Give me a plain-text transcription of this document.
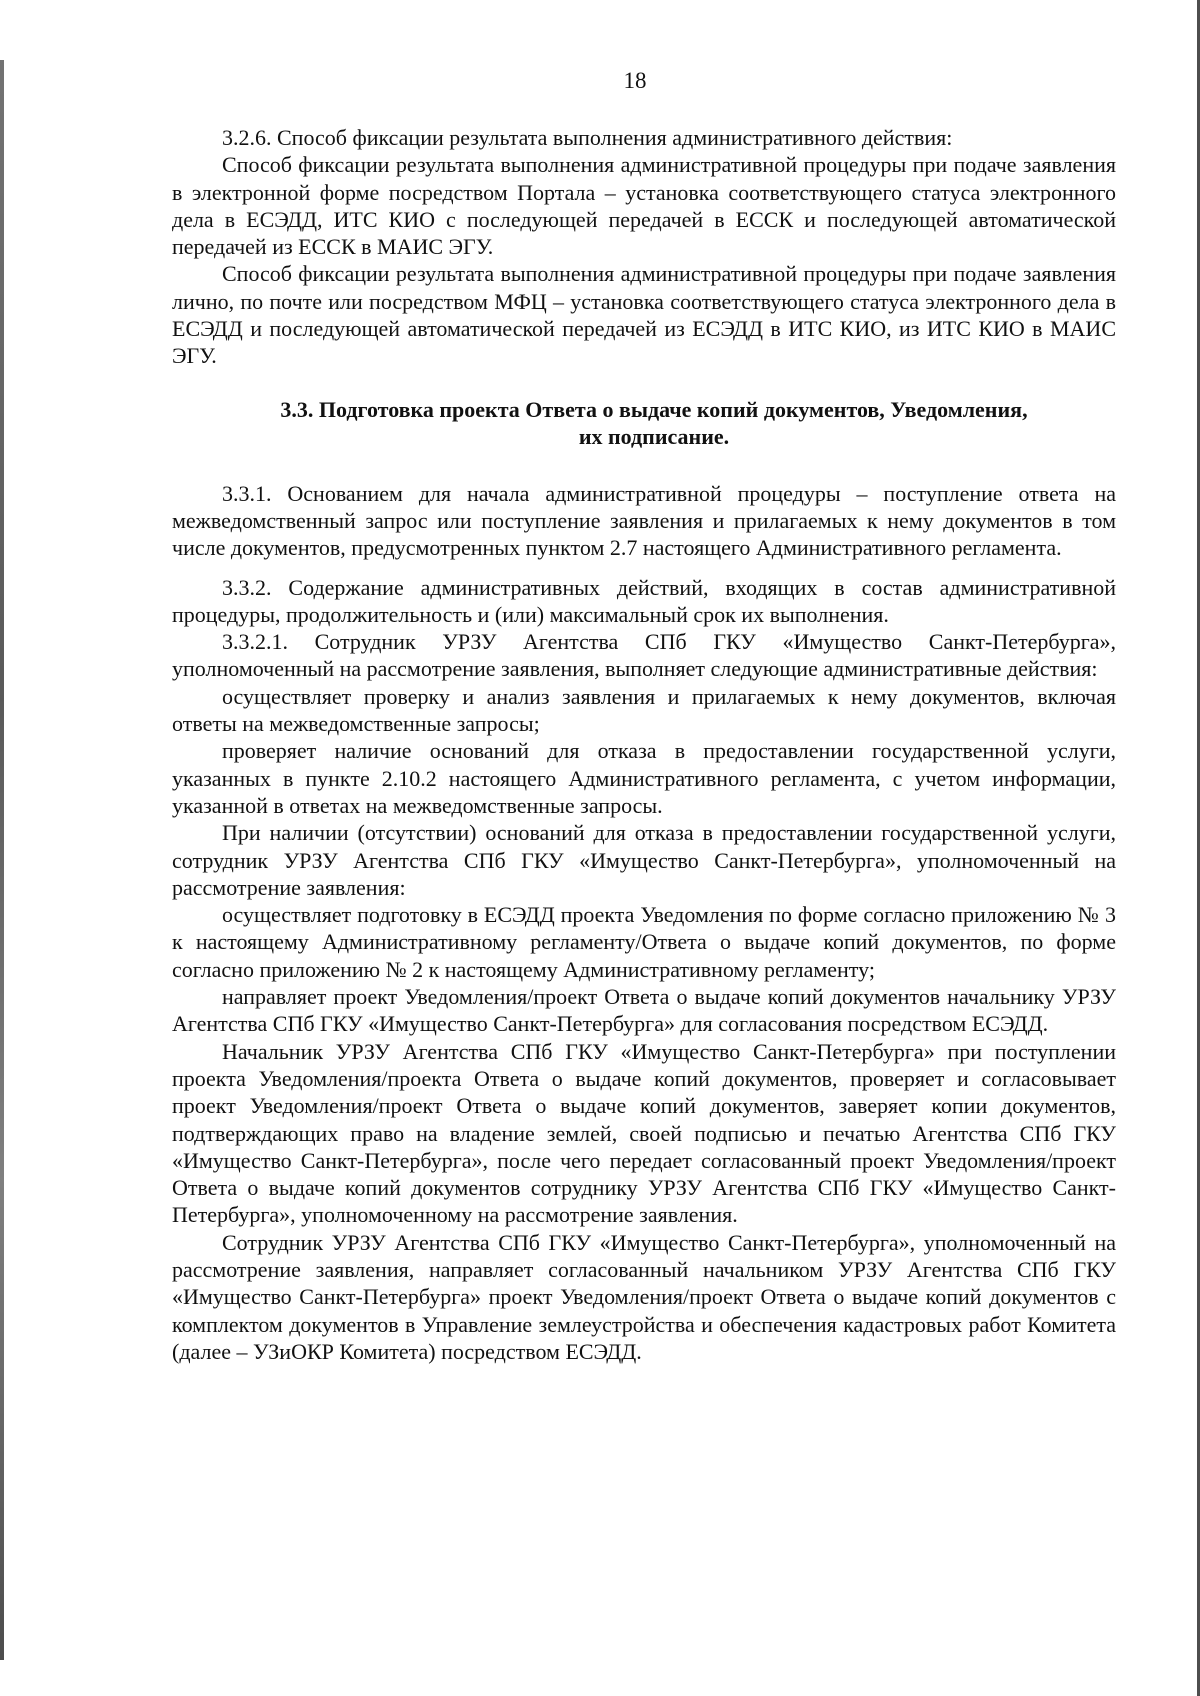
18

3.2.6. Способ фиксации результата выполнения административного действия:

Способ фиксации результата выполнения административной процедуры при подаче заявления в электронной форме посредством Портала – установка соответствующего статуса электронного дела в ЕСЭДД, ИТС КИО с последующей передачей в ЕССК и последующей автоматической передачей из ЕССК в МАИС ЭГУ.

Способ фиксации результата выполнения административной процедуры при подаче заявления лично, по почте или посредством МФЦ – установка соответствующего статуса электронного дела в ЕСЭДД и последующей автоматической передачей из ЕСЭДД в ИТС КИО, из ИТС КИО в МАИС ЭГУ.

3.3. Подготовка проекта Ответа о выдаче копий документов, Уведомления,
их подписание.

3.3.1. Основанием для начала административной процедуры – поступление ответа на межведомственный запрос или поступление заявления и прилагаемых к нему документов в том числе документов, предусмотренных пунктом 2.7 настоящего Административного регламента.

3.3.2. Содержание административных действий, входящих в состав административной процедуры, продолжительность и (или) максимальный срок их выполнения.

3.3.2.1. Сотрудник УРЗУ Агентства СПб ГКУ «Имущество Санкт-Петербурга», уполномоченный на рассмотрение заявления, выполняет следующие административные действия:

осуществляет проверку и анализ заявления и прилагаемых к нему документов, включая ответы на межведомственные запросы;

проверяет наличие оснований для отказа в предоставлении государственной услуги, указанных в пункте 2.10.2 настоящего Административного регламента, с учетом информации, указанной в ответах на межведомственные запросы.

При наличии (отсутствии) оснований для отказа в предоставлении государственной услуги, сотрудник УРЗУ Агентства СПб ГКУ «Имущество Санкт-Петербурга», уполномоченный на рассмотрение заявления:

осуществляет подготовку в ЕСЭДД проекта Уведомления по форме согласно приложению № 3 к настоящему Административному регламенту/Ответа о выдаче копий документов, по форме согласно приложению № 2 к настоящему Административному регламенту;

направляет проект Уведомления/проект Ответа о выдаче копий документов начальнику УРЗУ Агентства СПб ГКУ «Имущество Санкт-Петербурга» для согласования посредством ЕСЭДД.

Начальник УРЗУ Агентства СПб ГКУ «Имущество Санкт-Петербурга» при поступлении проекта Уведомления/проекта Ответа о выдаче копий документов, проверяет и согласовывает проект Уведомления/проект Ответа о выдаче копий документов, заверяет копии документов, подтверждающих право на владение землей, своей подписью и печатью Агентства СПб ГКУ «Имущество Санкт-Петербурга», после чего передает согласованный проект Уведомления/проект Ответа о выдаче копий документов сотруднику УРЗУ Агентства СПб ГКУ «Имущество Санкт-Петербурга», уполномоченному на рассмотрение заявления.

Сотрудник УРЗУ Агентства СПб ГКУ «Имущество Санкт-Петербурга», уполномоченный на рассмотрение заявления, направляет согласованный начальником УРЗУ Агентства СПб ГКУ «Имущество Санкт-Петербурга» проект Уведомления/проект Ответа о выдаче копий документов с комплектом документов в Управление землеустройства и обеспечения кадастровых работ Комитета (далее – УЗиОКР Комитета) посредством ЕСЭДД.
